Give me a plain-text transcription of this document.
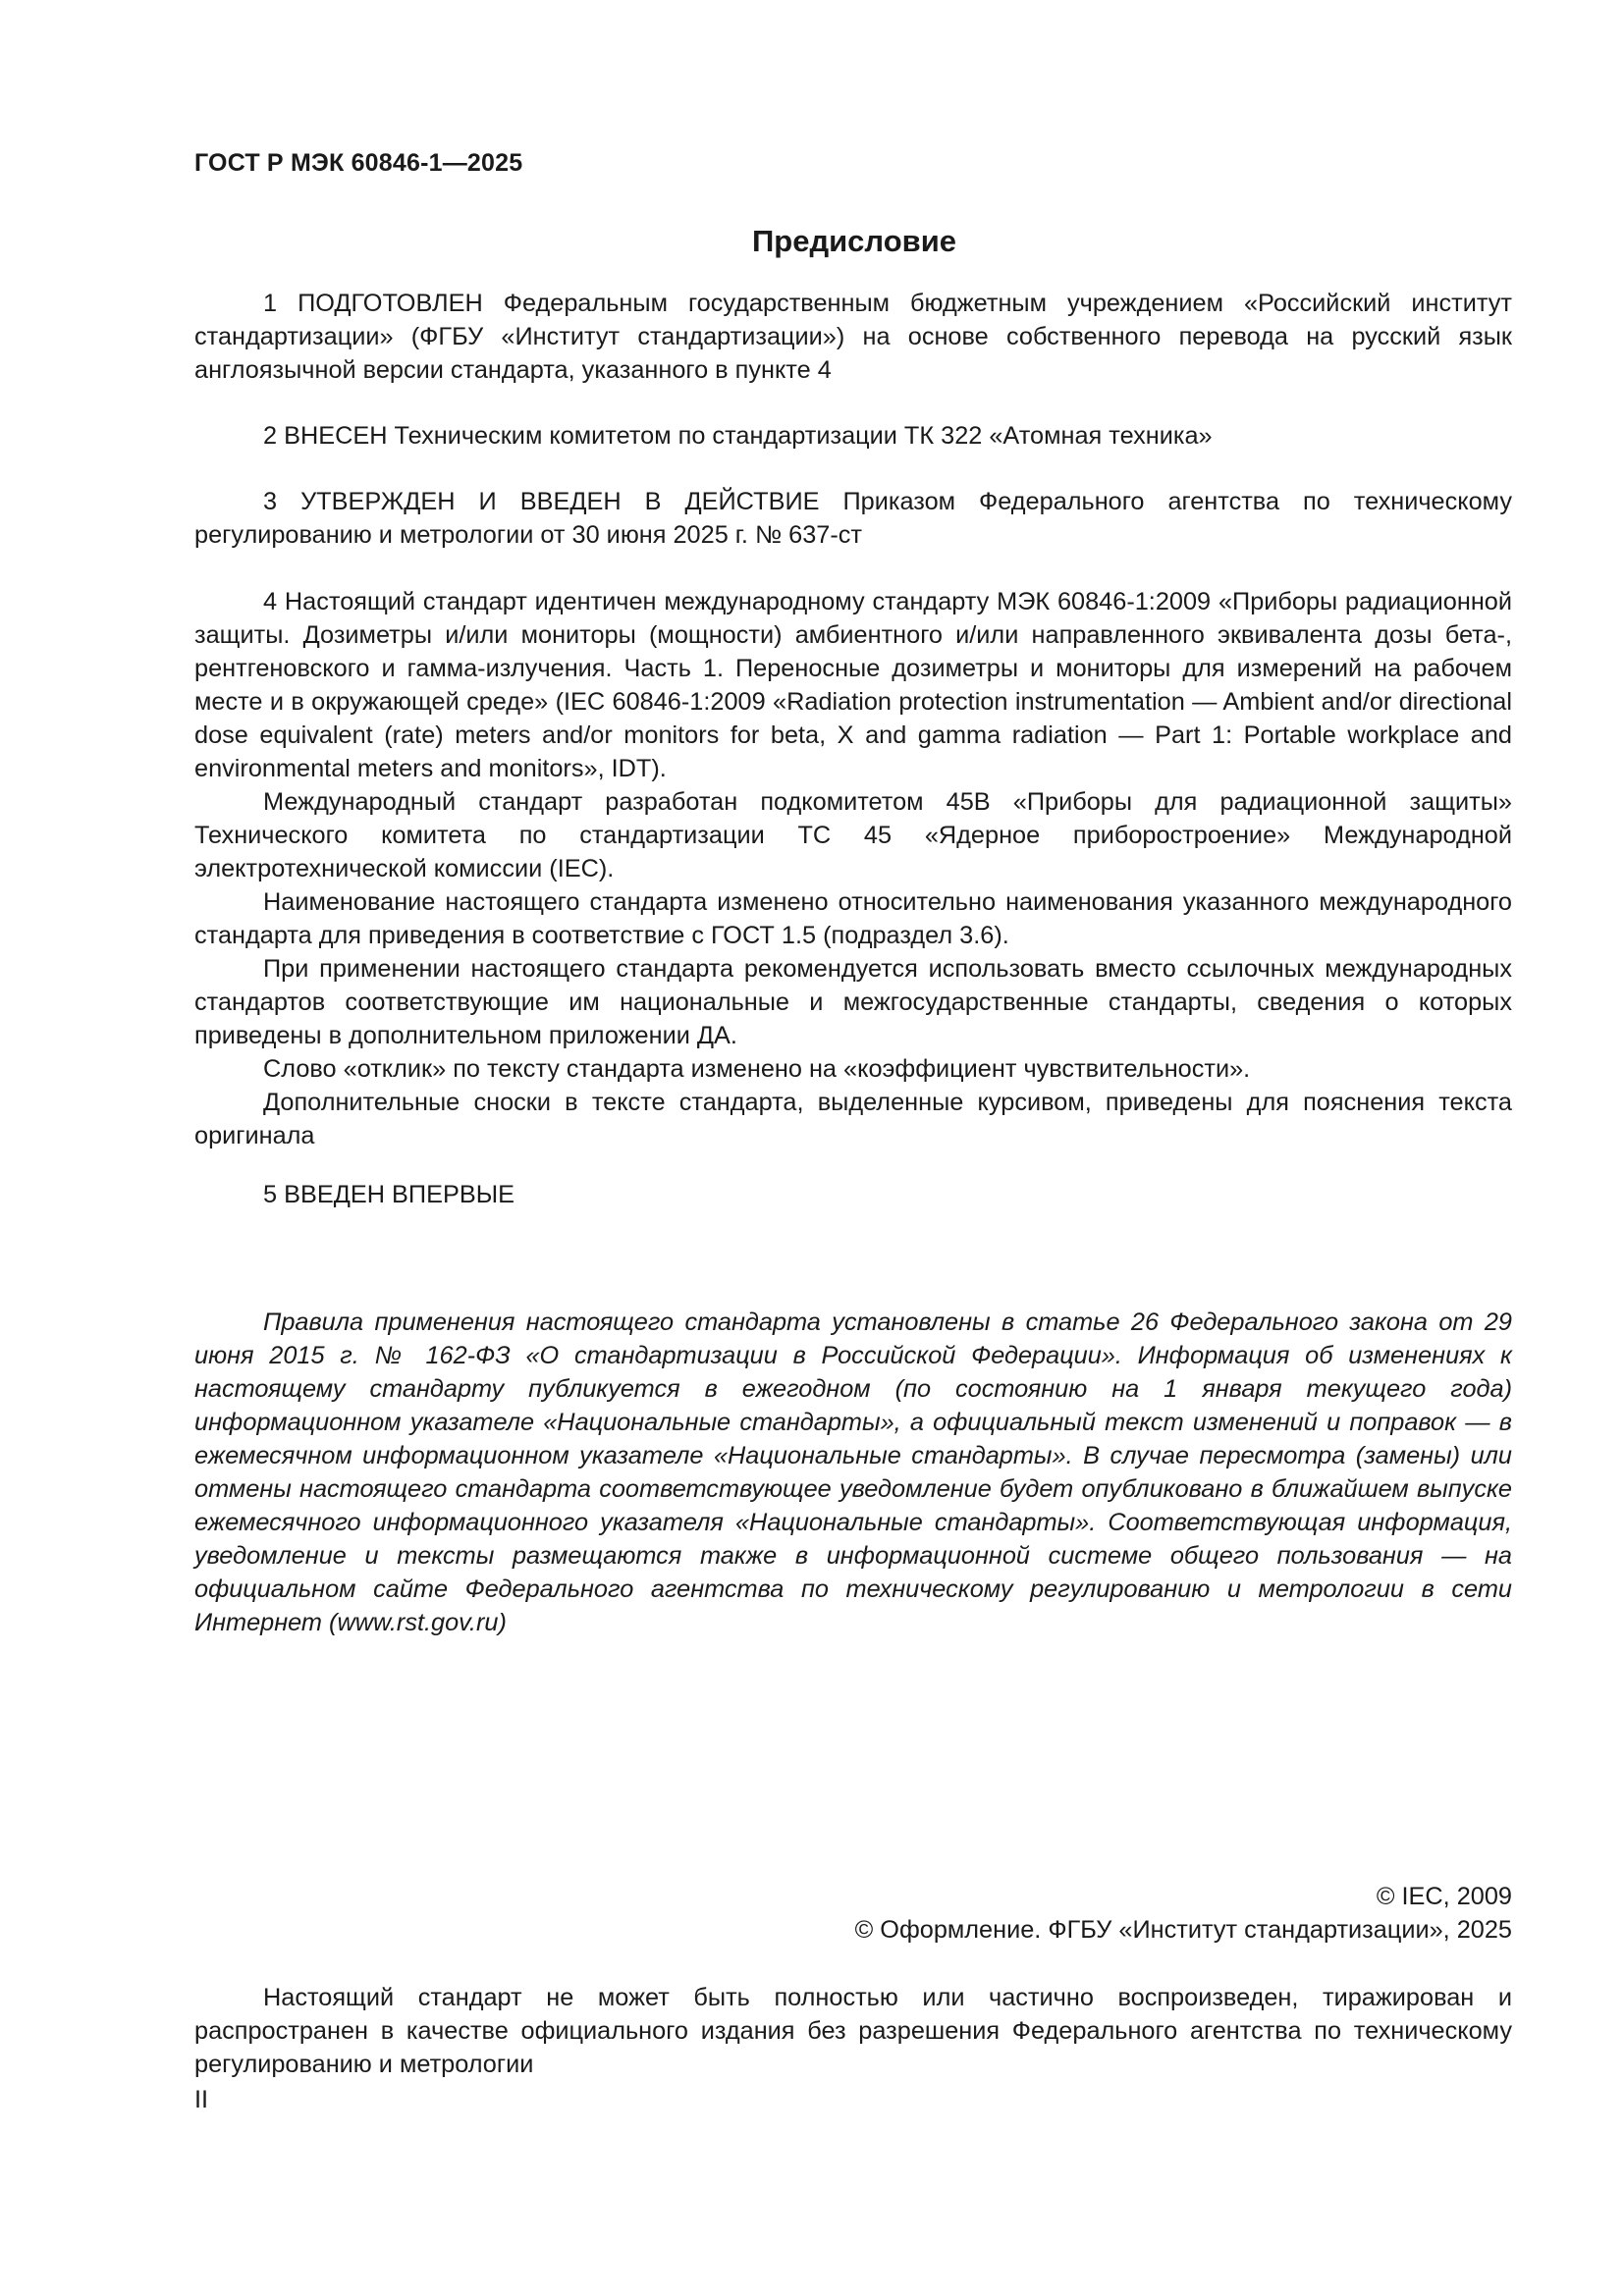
ГОСТ Р МЭК 60846-1—2025
Предисловие

1 ПОДГОТОВЛЕН Федеральным государственным бюджетным учреждением «Российский институт стандартизации» (ФГБУ «Институт стандартизации») на основе собственного перевода на русский язык англоязычной версии стандарта, указанного в пункте 4

2 ВНЕСЕН Техническим комитетом по стандартизации ТК 322 «Атомная техника»

3 УТВЕРЖДЕН И ВВЕДЕН В ДЕЙСТВИЕ Приказом Федерального агентства по техническому регулированию и метрологии от 30 июня 2025 г. № 637-ст

4 Настоящий стандарт идентичен международному стандарту МЭК 60846-1:2009 «Приборы радиационной защиты. Дозиметры и/или мониторы (мощности) амбиентного и/или направленного эквивалента дозы бета-, рентгеновского и гамма-излучения. Часть 1. Переносные дозиметры и мониторы для измерений на рабочем месте и в окружающей среде» (IEC 60846-1:2009 «Radiation protection instrumentation — Ambient and/or directional dose equivalent (rate) meters and/or monitors for beta, X and gamma radiation — Part 1: Portable workplace and environmental meters and monitors», IDT).

Международный стандарт разработан подкомитетом 45B «Приборы для радиационной защиты» Технического комитета по стандартизации TC 45 «Ядерное приборостроение» Международной электротехнической комиссии (IEC).

Наименование настоящего стандарта изменено относительно наименования указанного международного стандарта для приведения в соответствие с ГОСТ 1.5 (подраздел 3.6).

При применении настоящего стандарта рекомендуется использовать вместо ссылочных международных стандартов соответствующие им национальные и межгосударственные стандарты, сведения о которых приведены в дополнительном приложении ДА.

Слово «отклик» по тексту стандарта изменено на «коэффициент чувствительности».

Дополнительные сноски в тексте стандарта, выделенные курсивом, приведены для пояснения текста оригинала

5 ВВЕДЕН ВПЕРВЫЕ

Правила применения настоящего стандарта установлены в статье 26 Федерального закона от 29 июня 2015 г. № 162-ФЗ «О стандартизации в Российской Федерации». Информация об изменениях к настоящему стандарту публикуется в ежегодном (по состоянию на 1 января текущего года) информационном указателе «Национальные стандарты», а официальный текст изменений и поправок — в ежемесячном информационном указателе «Национальные стандарты». В случае пересмотра (замены) или отмены настоящего стандарта соответствующее уведомление будет опубликовано в ближайшем выпуске ежемесячного информационного указателя «Национальные стандарты». Соответствующая информация, уведомление и тексты размещаются также в информационной системе общего пользования — на официальном сайте Федерального агентства по техническому регулированию и метрологии в сети Интернет (www.rst.gov.ru)

© IEC, 2009
© Оформление. ФГБУ «Институт стандартизации», 2025

Настоящий стандарт не может быть полностью или частично воспроизведен, тиражирован и распространен в качестве официального издания без разрешения Федерального агентства по техническому регулированию и метрологии

II
